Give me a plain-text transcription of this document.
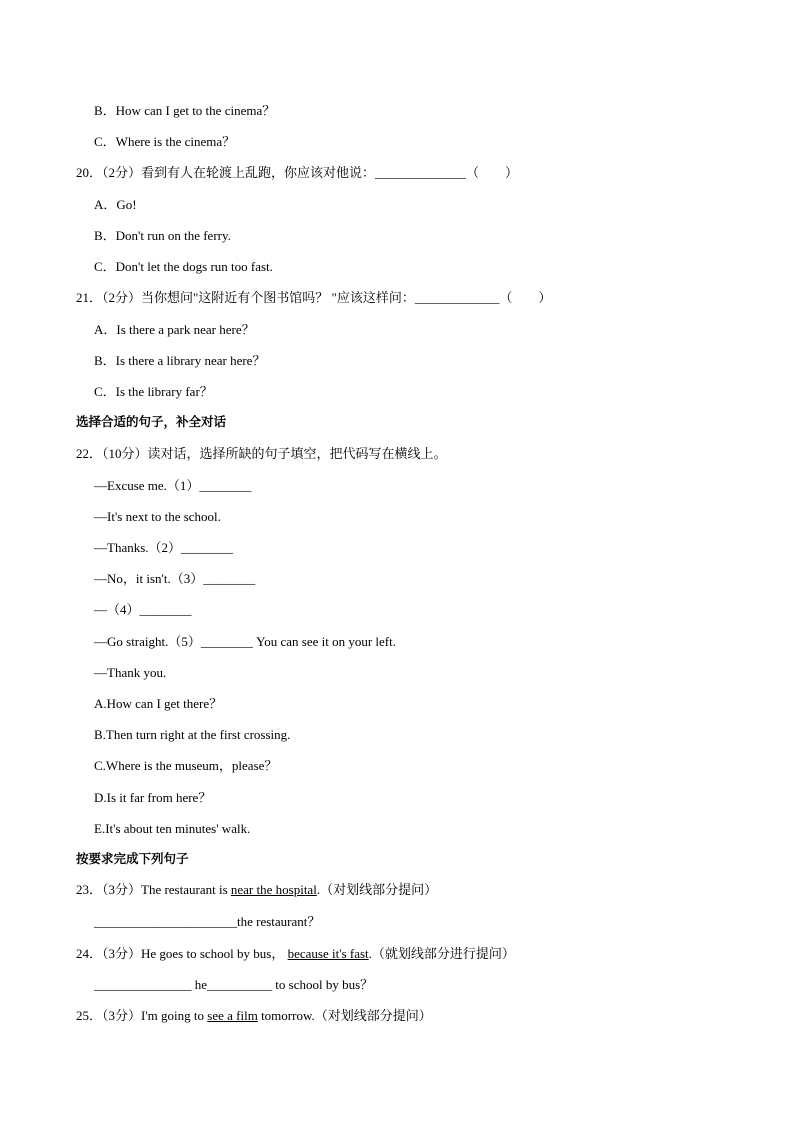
B．How can I get to the cinema？
C．Where is the cinema？
20．（2分）看到有人在轮渡上乱跑，你应该对他说：______________（　　）
A．Go!
B．Don't run on the ferry.
C．Don't let the dogs run too fast.
21．（2分）当你想问"这附近有个图书馆吗？ "应该这样问：_____________（　　）
A．Is there a park near here？
B．Is there a library near here？
C．Is the library far？
选择合适的句子，补全对话
22．（10分）读对话，选择所缺的句子填空，把代码写在横线上。
—Excuse me.（1）________
—It's next to the school.
—Thanks.（2）________
—No，it isn't.（3）________
—（4）________
—Go straight.（5）________ You can see it on your left.
—Thank you.
A.How can I get there？
B.Then turn right at the first crossing.
C.Where is the museum，please？
D.Is it far from here？
E.It's about ten minutes' walk.
按要求完成下列句子
23．（3分）The restaurant is near the hospital.（对划线部分提问）
______________________the restaurant？
24．（3分）He goes to school by bus， because it's fast.（就划线部分进行提问）
_______________ he__________ to school by bus？
25．（3分）I'm going to see a film tomorrow.（对划线部分提问）
